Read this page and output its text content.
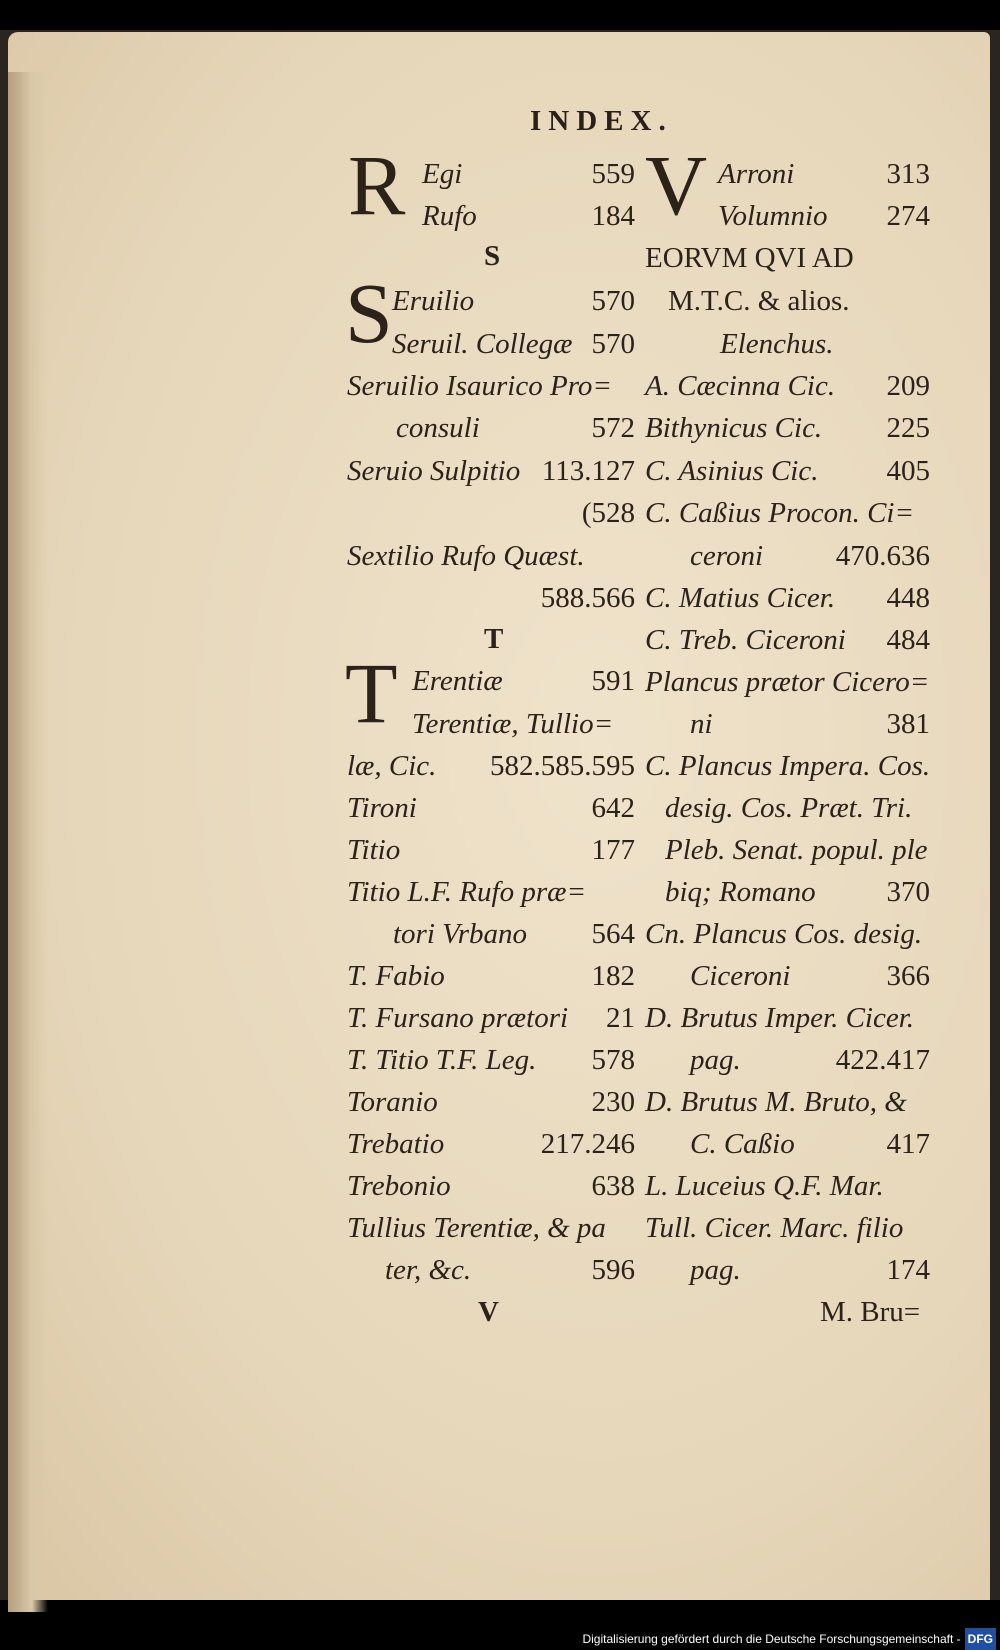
INDEX.
R Egi	559
Rufo	184
S
S Eruilio	570
Seruil. Collegæ 570
Seruilio Isaurico Pro=
consuli	572
Seruio Sulpitio 113.127
(528
Sextilio Rufo Quæst.
588.566
T
T Erentiæ	591
Terentiæ, Tullio=
læ, Cic.	582.585.595
Tironi	642
Titio	177
Titio L.F. Rufo præ=
tori Vrbano	564
T. Fabio	182
T. Fursano prætori	21
T. Titio T.F. Leg.	578
Toranio	230
Trebatio	217.246
Trebonio	638
Tullius Terentiæ, & pa
ter, &c.	596
V
V Arroni	313
Volumnio	274
EORVM QVI AD
M.T.C. & alios.
Elenchus.
A. Cæcinna Cic.	209
Bithynicus Cic.	225
C. Asinius Cic.	405
C. Caßius Procon. Ci=
ceroni	470.636
C. Matius Cicer.	448
C. Treb. Ciceroni	484
Plancus prætor Cicero=
ni	381
C. Plancus Impera. Cos.
desig. Cos. Præt. Tri.
Pleb. Senat. popul. ple
biq; Romano	370
Cn. Plancus Cos. desig.
Ciceroni	366
D. Brutus Imper. Cicer.
pag.	422.417
D. Brutus M. Bruto, &
C. Caßio	417
L. Luceius Q.F. Mar.
Tull. Cicer. Marc. filio
pag.	174
M. Bru=
Digitalisierung gefördert durch die Deutsche Forschungsgemeinschaft - DFG
